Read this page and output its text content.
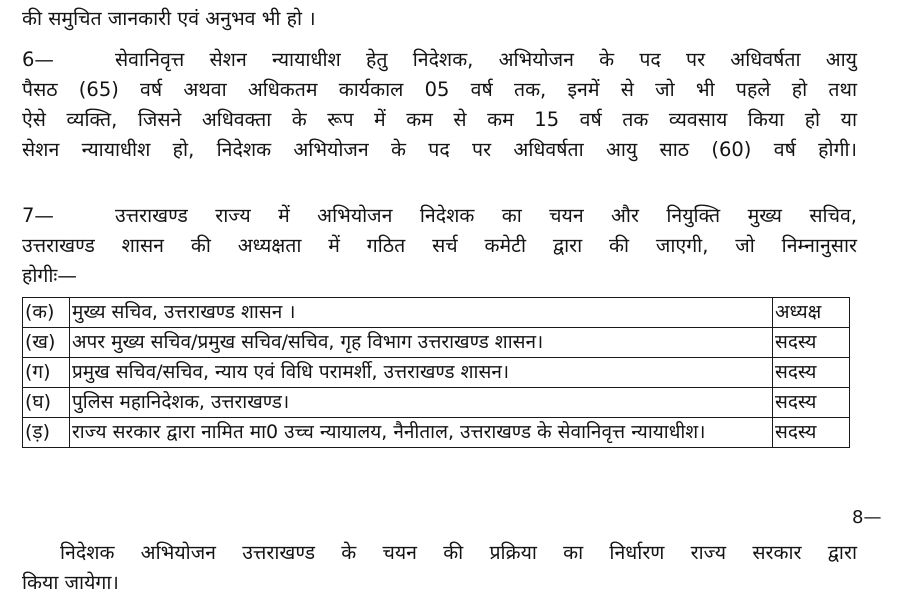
की समुचित जानकारी एवं अनुभव भी हो ।
6—	सेवानिवृत्त सेशन न्यायाधीश हेतु निदेशक, अभियोजन के पद पर अधिवर्षता आयु
पैसठ (65) वर्ष अथवा अधिकतम कार्यकाल 05 वर्ष तक, इनमें से जो भी पहले हो तथा
ऐसे व्यक्ति, जिसने अधिवक्ता के रूप में कम से कम 15 वर्ष तक व्यवसाय किया हो या
सेशन न्यायाधीश हो, निदेशक अभियोजन के पद पर अधिवर्षता आयु साठ (60) वर्ष होगी।
7—	उत्तराखण्ड राज्य में अभियोजन निदेशक का चयन और नियुक्ति मुख्य सचिव,
उत्तराखण्ड शासन की अध्यक्षता में गठित सर्च कमेटी द्वारा की जाएगी, जो निम्नानुसार
होगीः—
(क)	मुख्य सचिव, उत्तराखण्ड शासन ।	अध्यक्ष
(ख)	अपर मुख्य सचिव/प्रमुख सचिव/सचिव, गृह विभाग उत्तराखण्ड शासन।	सदस्य
(ग)	प्रमुख सचिव/सचिव, न्याय एवं विधि परामर्शी, उत्तराखण्ड शासन।	सदस्य
(घ)	पुलिस महानिदेशक, उत्तराखण्ड।	सदस्य
(ड़)	राज्य सरकार द्वारा नामित मा0 उच्च न्यायालय, नैनीताल, उत्तराखण्ड के सेवानिवृत्त न्यायाधीश।	सदस्य
8—
निदेशक अभियोजन उत्तराखण्ड के चयन की प्रक्रिया का निर्धारण राज्य सरकार द्वारा
किया जायेगा।
